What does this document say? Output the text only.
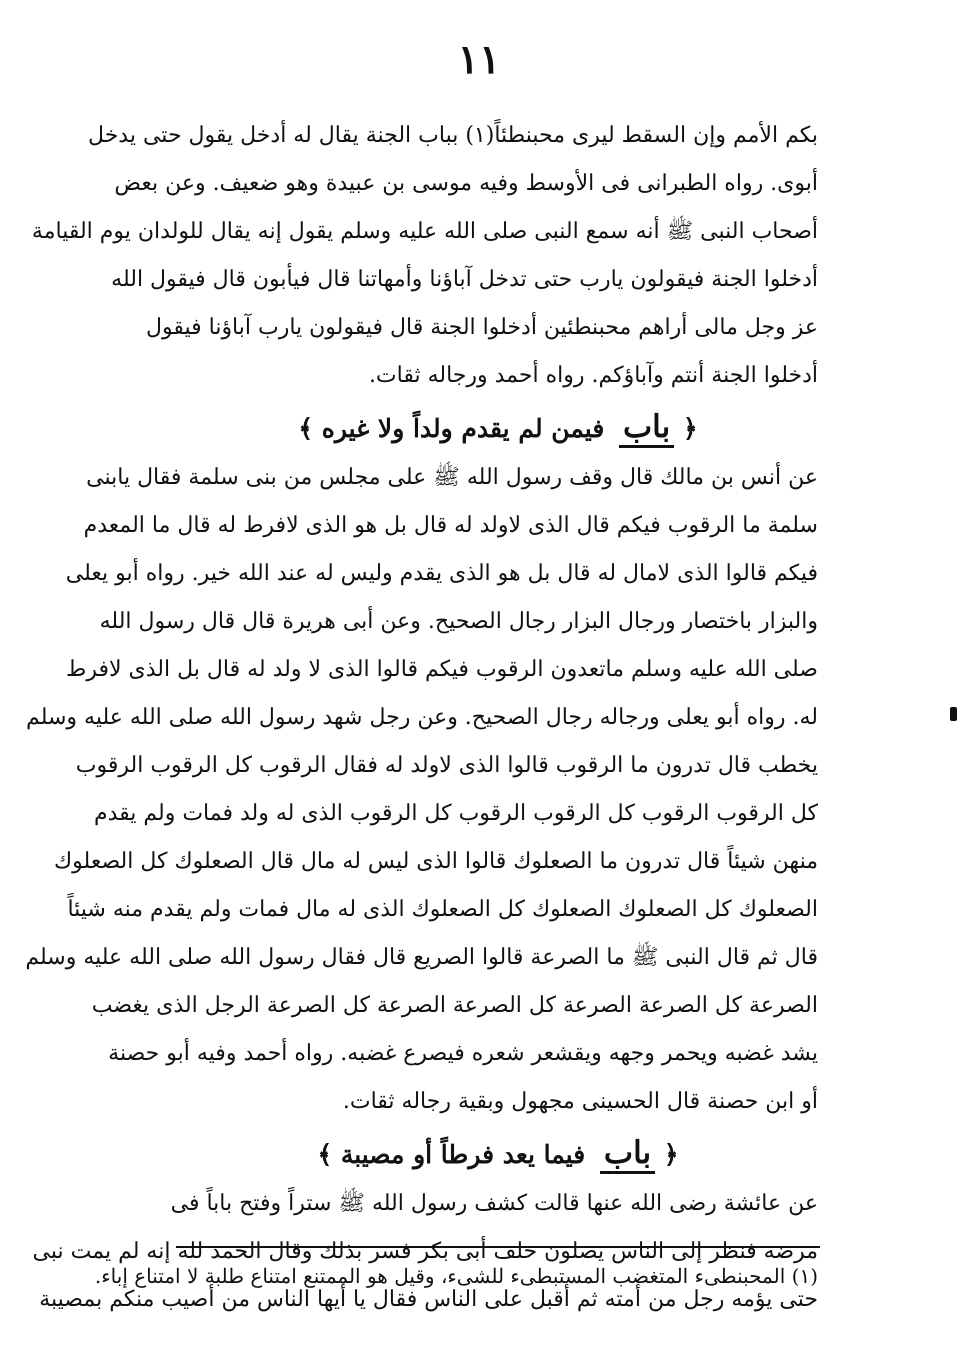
١١
بكم الأمم وإن السقط ليرى محبنطئاً(١) بباب الجنة يقال له أدخل يقول حتى يدخل
أبوى. رواه الطبرانى فى الأوسط وفيه موسى بن عبيدة وهو ضعيف. وعن بعض
أصحاب النبى ﷺ أنه سمع النبى صلى الله عليه وسلم يقول إنه يقال للولدان يوم القيامة
أدخلوا الجنة فيقولون يارب حتى تدخل آباؤنا وأمهاتنا قال فيأبون قال فيقول الله
عز وجل مالى أراهم محبنطئين أدخلوا الجنة قال فيقولون يارب آباؤنا فيقول
أدخلوا الجنة أنتم وآباؤكم. رواه أحمد ورجاله ثقات.
﴿ باب فيمن لم يقدم ولداً ولا غيره ﴾
عن أنس بن مالك قال وقف رسول الله ﷺ على مجلس من بنى سلمة فقال يابنى
سلمة ما الرقوب فيكم قال الذى لاولد له قال بل هو الذى لافرط له قال ما المعدم
فيكم قالوا الذى لامال له قال بل هو الذى يقدم وليس له عند الله خير. رواه أبو يعلى
والبزار باختصار ورجال البزار رجال الصحيح. وعن أبى هريرة قال قال رسول الله
صلى الله عليه وسلم ماتعدون الرقوب فيكم قالوا الذى لا ولد له قال بل الذى لافرط
له. رواه أبو يعلى ورجاله رجال الصحيح. وعن رجل شهد رسول الله صلى الله عليه وسلم
يخطب قال تدرون ما الرقوب قالوا الذى لاولد له فقال الرقوب كل الرقوب الرقوب
كل الرقوب الرقوب كل الرقوب الرقوب كل الرقوب الذى له ولد فمات ولم يقدم
منهن شيئاً قال تدرون ما الصعلوك قالوا الذى ليس له مال قال الصعلوك كل الصعلوك
الصعلوك كل الصعلوك الصعلوك كل الصعلوك الذى له مال فمات ولم يقدم منه شيئاً
قال ثم قال النبى ﷺ ما الصرعة قالوا الصريع قال فقال رسول الله صلى الله عليه وسلم
الصرعة كل الصرعة الصرعة كل الصرعة الصرعة كل الصرعة الرجل الذى يغضب
يشد غضبه ويحمر وجهه ويقشعر شعره فيصرع غضبه. رواه أحمد وفيه أبو حصنة
أو ابن حصنة قال الحسينى مجهول وبقية رجاله ثقات.
﴿ باب فيما يعد فرطاً أو مصيبة ﴾
عن عائشة رضى الله عنها قالت كشف رسول الله ﷺ ستراً وفتح باباً فى
مرضه فنظر إلى الناس يصلون خلف أبى بكر فسر بذلك وقال الحمد لله إنه لم يمت نبى
حتى يؤمه رجل من أمته ثم أقبل على الناس فقال يا أيها الناس من أصيب منكم بمصيبة
(١) المحبنطىء المتغضب المستبطىء للشىء، وقيل هو الممتنع امتناع طلبة لا امتناع إباء.
